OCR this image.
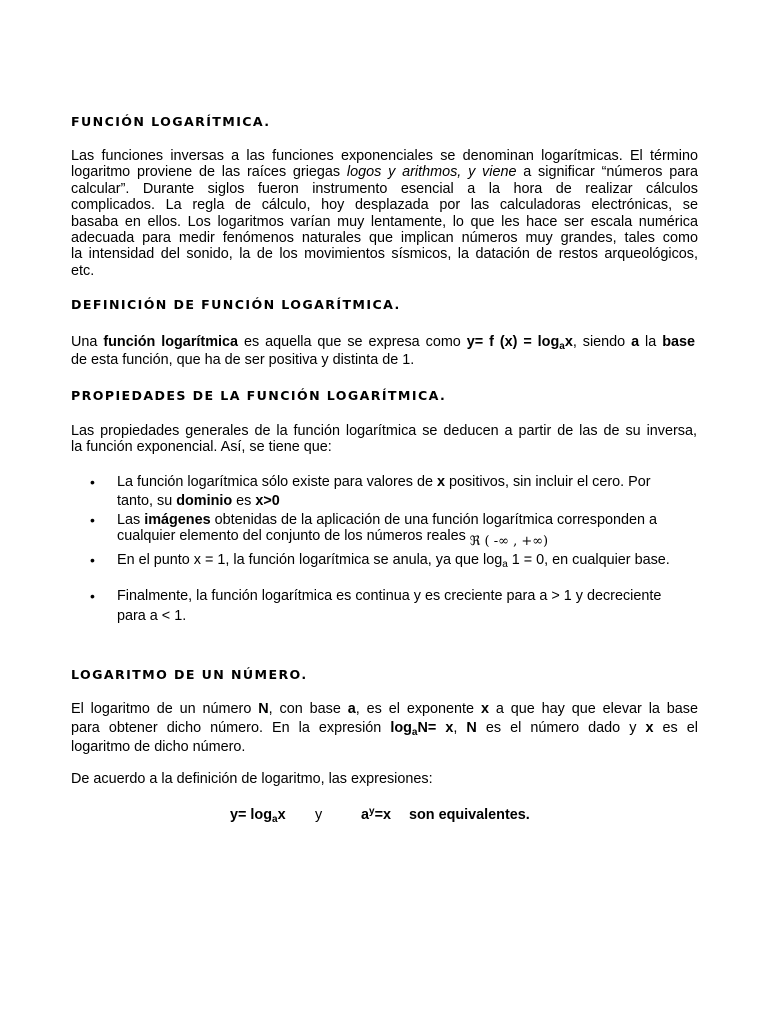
FUNCIÓN LOGARÍTMICA.
Las funciones inversas a las funciones exponenciales se denominan logarítmicas. El término
logaritmo proviene de las raíces griegas logos y arithmos, y viene a significar “números para
calcular”. Durante siglos fueron instrumento esencial a la hora de realizar cálculos
complicados. La regla de cálculo, hoy desplazada por las calculadoras electrónicas, se
basaba en ellos. Los logaritmos varían muy lentamente, lo que les hace ser escala numérica
adecuada para medir fenómenos naturales que implican números muy grandes, tales como
la intensidad del sonido, la de los movimientos sísmicos, la datación de restos arqueológicos,
etc.
DEFINICIÓN DE FUNCIÓN LOGARÍTMICA.
Una función logarítmica es aquella que se expresa como y= f $(x) = \log_ax$, siendo a la base
de esta función, que ha de ser positiva y distinta de 1.
PROPIEDADES DE LA FUNCIÓN LOGARÍTMICA.
Las propiedades generales de la función logarítmica se deducen a partir de las de su inversa,
la función exponencial. Así, se tiene que:
• La función logarítmica sólo existe para valores de x positivos, sin incluir el cero. Por
tanto, su dominio es x>0
• Las imágenes obtenidas de la aplicación de una función logarítmica corresponden a
cualquier elemento del conjunto de los números reales ℜ ( -∞ , +∞)
• En el punto x = 1, la función logarítmica se anula, ya que $\log_a 1 = 0$, en cualquier base.
• Finalmente, la función logarítmica es continua y es creciente para a > 1 y decreciente
para a < 1.
LOGARITMO DE UN NÚMERO.
El logaritmo de un número N, con base a, es el exponente x a que hay que elevar la base
para obtener dicho número. En la expresión $\log_aN= x$, N es el número dado y x es el
logaritmo de dicho número.
De acuerdo a la definición de logaritmo, las expresiones:
$y= \log_ax$ y	$a^y=x$ son equivalentes.
